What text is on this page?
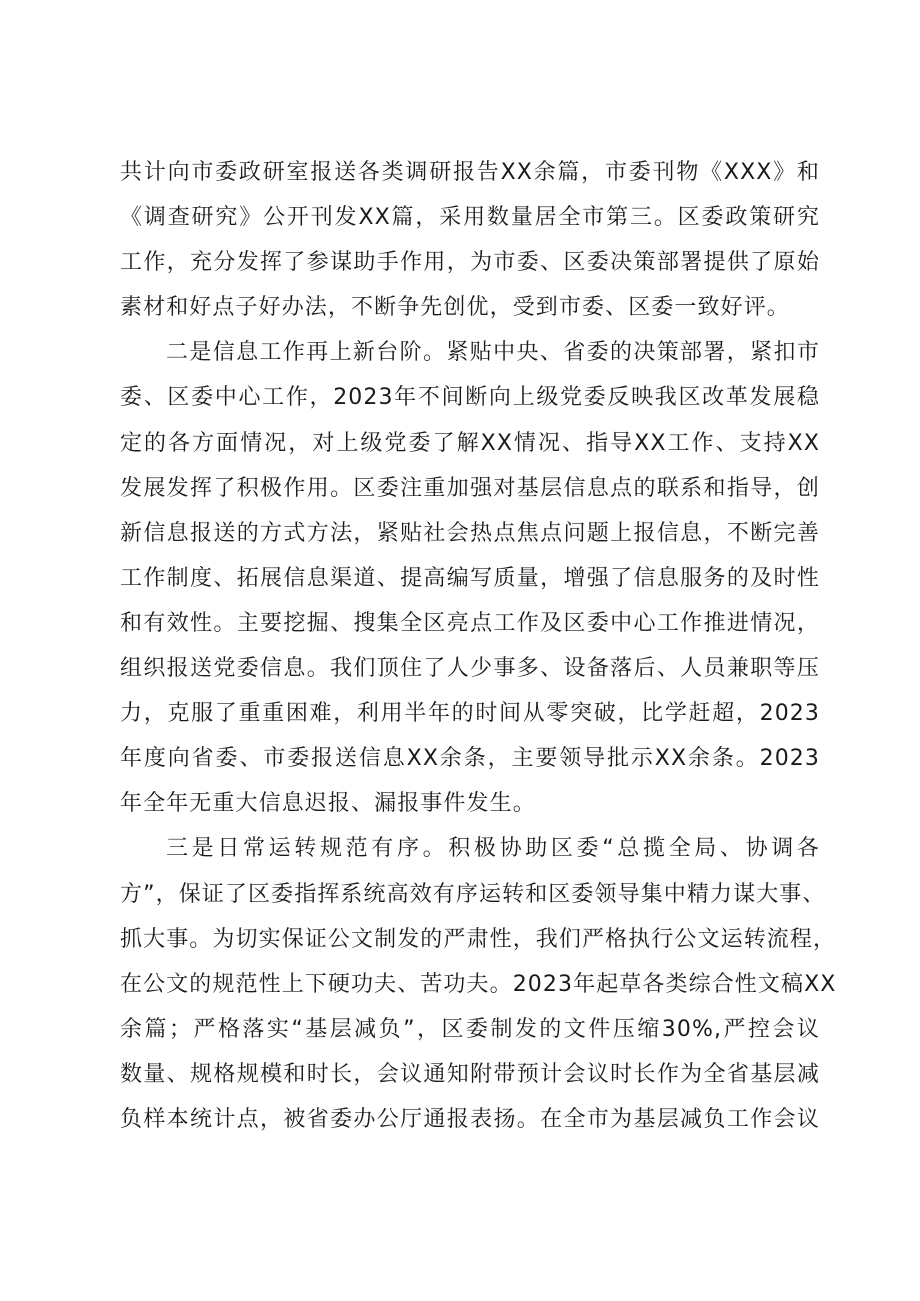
共计向市委政研室报送各类调研报告XX余篇，市委刊物《XXX》和
《调查研究》公开刊发XX篇，采用数量居全市第三。区委政策研究
工作，充分发挥了参谋助手作用，为市委、区委决策部署提供了原始
素材和好点子好办法，不断争先创优，受到市委、区委一致好评。
二是信息工作再上新台阶。紧贴中央、省委的决策部署，紧扣市
委、区委中心工作，2023年不间断向上级党委反映我区改革发展稳
定的各方面情况，对上级党委了解XX情况、指导XX工作、支持XX
发展发挥了积极作用。区委注重加强对基层信息点的联系和指导，创
新信息报送的方式方法，紧贴社会热点焦点问题上报信息，不断完善
工作制度、拓展信息渠道、提高编写质量，增强了信息服务的及时性
和有效性。主要挖掘、搜集全区亮点工作及区委中心工作推进情况，
组织报送党委信息。我们顶住了人少事多、设备落后、人员兼职等压
力，克服了重重困难，利用半年的时间从零突破，比学赶超，2023
年度向省委、市委报送信息XX余条，主要领导批示XX余条。2023
年全年无重大信息迟报、漏报事件发生。
三是日常运转规范有序。积极协助区委“总揽全局、协调各
方”，保证了区委指挥系统高效有序运转和区委领导集中精力谋大事、
抓大事。为切实保证公文制发的严肃性，我们严格执行公文运转流程，
在公文的规范性上下硬功夫、苦功夫。2023年起草各类综合性文稿XX
余篇；严格落实“基层减负”，区委制发的文件压缩30%,严控会议
数量、规格规模和时长，会议通知附带预计会议时长作为全省基层减
负样本统计点，被省委办公厅通报表扬。在全市为基层减负工作会议
